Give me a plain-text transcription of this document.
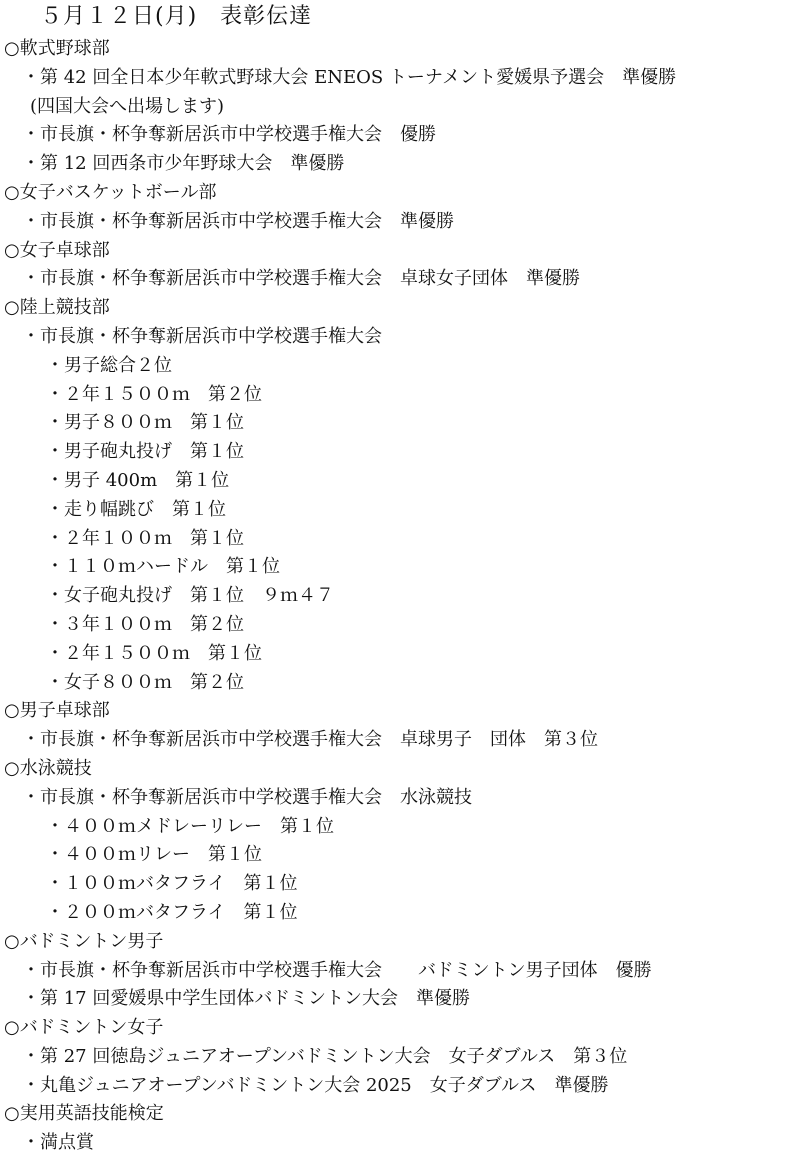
５月１２日(月)　表彰伝達
○軟式野球部
・第 42 回全日本少年軟式野球大会 ENEOS トーナメント愛媛県予選会　準優勝
(四国大会へ出場します)
・市長旗・杯争奪新居浜市中学校選手権大会　優勝
・第 12 回西条市少年野球大会　準優勝
○女子バスケットボール部
・市長旗・杯争奪新居浜市中学校選手権大会　準優勝
○女子卓球部
・市長旗・杯争奪新居浜市中学校選手権大会　卓球女子団体　準優勝
○陸上競技部
・市長旗・杯争奪新居浜市中学校選手権大会
・男子総合２位
・２年１５００ｍ　第２位
・男子８００ｍ　第１位
・男子砲丸投げ　第１位
・男子 400m　第１位
・走り幅跳び　第１位
・２年１００ｍ　第１位
・１１０ｍハードル　第１位
・女子砲丸投げ　第１位　９ｍ４７
・３年１００ｍ　第２位
・２年１５００ｍ　第１位
・女子８００ｍ　第２位
○男子卓球部
・市長旗・杯争奪新居浜市中学校選手権大会　卓球男子　団体　第３位
○水泳競技
・市長旗・杯争奪新居浜市中学校選手権大会　水泳競技
・４００ｍメドレーリレー　第１位
・４００ｍリレー　第１位
・１００ｍバタフライ　第１位
・２００ｍバタフライ　第１位
○バドミントン男子
・市長旗・杯争奪新居浜市中学校選手権大会　　バドミントン男子団体　優勝
・第 17 回愛媛県中学生団体バドミントン大会　準優勝
○バドミントン女子
・第 27 回徳島ジュニアオープンバドミントン大会　女子ダブルス　第３位
・丸亀ジュニアオープンバドミントン大会 2025　女子ダブルス　準優勝
○実用英語技能検定
・満点賞
